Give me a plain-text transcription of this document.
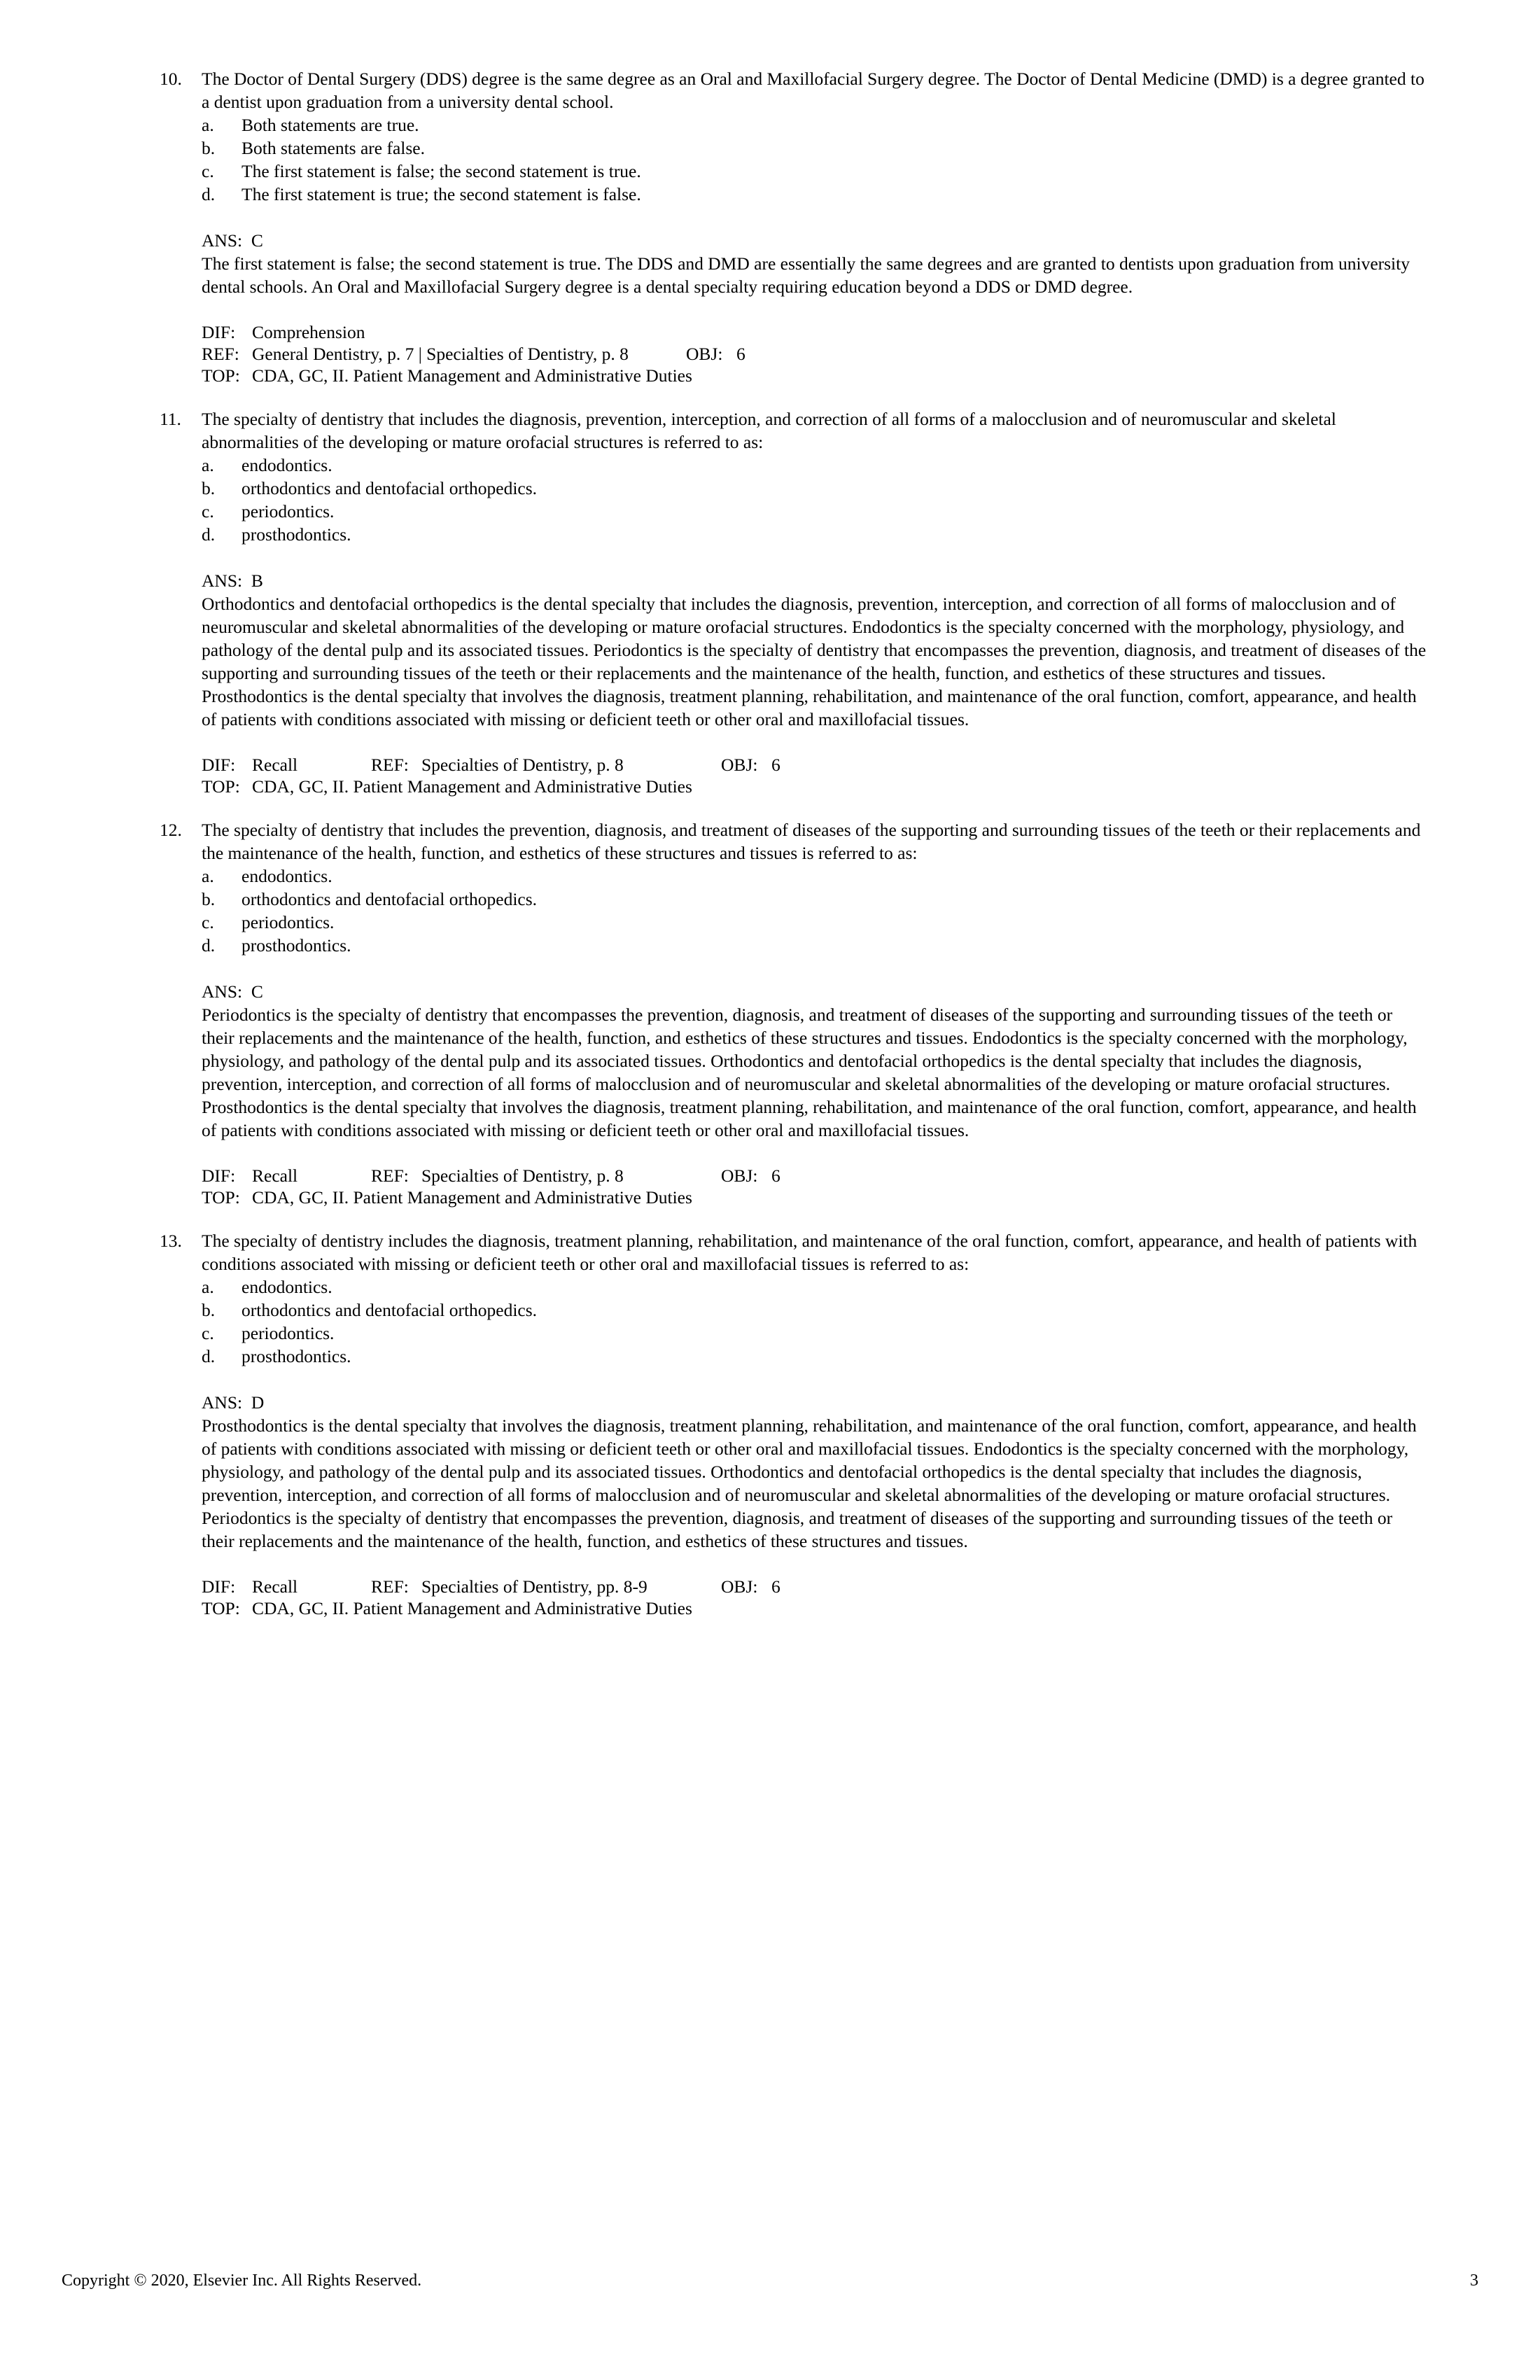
10.	The Doctor of Dental Surgery (DDS) degree is the same degree as an Oral and Maxillofacial Surgery degree. The Doctor of Dental Medicine (DMD) is a degree granted to a dentist upon graduation from a university dental school.
a.	Both statements are true.
b.	Both statements are false.
c.	The first statement is false; the second statement is true.
d.	The first statement is true; the second statement is false.
ANS:  C
The first statement is false; the second statement is true. The DDS and DMD are essentially the same degrees and are granted to dentists upon graduation from university dental schools. An Oral and Maxillofacial Surgery degree is a dental specialty requiring education beyond a DDS or DMD degree.
DIF: Comprehension
REF: General Dentistry, p. 7 | Specialties of Dentistry, p. 8	OBJ: 6
TOP: CDA, GC, II. Patient Management and Administrative Duties
11.	The specialty of dentistry that includes the diagnosis, prevention, interception, and correction of all forms of a malocclusion and of neuromuscular and skeletal abnormalities of the developing or mature orofacial structures is referred to as:
a.	endodontics.
b.	orthodontics and dentofacial orthopedics.
c.	periodontics.
d.	prosthodontics.
ANS:  B
Orthodontics and dentofacial orthopedics is the dental specialty that includes the diagnosis, prevention, interception, and correction of all forms of malocclusion and of neuromuscular and skeletal abnormalities of the developing or mature orofacial structures. Endodontics is the specialty concerned with the morphology, physiology, and pathology of the dental pulp and its associated tissues. Periodontics is the specialty of dentistry that encompasses the prevention, diagnosis, and treatment of diseases of the supporting and surrounding tissues of the teeth or their replacements and the maintenance of the health, function, and esthetics of these structures and tissues. Prosthodontics is the dental specialty that involves the diagnosis, treatment planning, rehabilitation, and maintenance of the oral function, comfort, appearance, and health of patients with conditions associated with missing or deficient teeth or other oral and maxillofacial tissues.
DIF: Recall	REF: Specialties of Dentistry, p. 8	OBJ: 6
TOP: CDA, GC, II. Patient Management and Administrative Duties
12.	The specialty of dentistry that includes the prevention, diagnosis, and treatment of diseases of the supporting and surrounding tissues of the teeth or their replacements and the maintenance of the health, function, and esthetics of these structures and tissues is referred to as:
a.	endodontics.
b.	orthodontics and dentofacial orthopedics.
c.	periodontics.
d.	prosthodontics.
ANS:  C
Periodontics is the specialty of dentistry that encompasses the prevention, diagnosis, and treatment of diseases of the supporting and surrounding tissues of the teeth or their replacements and the maintenance of the health, function, and esthetics of these structures and tissues. Endodontics is the specialty concerned with the morphology, physiology, and pathology of the dental pulp and its associated tissues. Orthodontics and dentofacial orthopedics is the dental specialty that includes the diagnosis, prevention, interception, and correction of all forms of malocclusion and of neuromuscular and skeletal abnormalities of the developing or mature orofacial structures. Prosthodontics is the dental specialty that involves the diagnosis, treatment planning, rehabilitation, and maintenance of the oral function, comfort, appearance, and health of patients with conditions associated with missing or deficient teeth or other oral and maxillofacial tissues.
DIF: Recall	REF: Specialties of Dentistry, p. 8	OBJ: 6
TOP: CDA, GC, II. Patient Management and Administrative Duties
13.	The specialty of dentistry includes the diagnosis, treatment planning, rehabilitation, and maintenance of the oral function, comfort, appearance, and health of patients with conditions associated with missing or deficient teeth or other oral and maxillofacial tissues is referred to as:
a.	endodontics.
b.	orthodontics and dentofacial orthopedics.
c.	periodontics.
d.	prosthodontics.
ANS:  D
Prosthodontics is the dental specialty that involves the diagnosis, treatment planning, rehabilitation, and maintenance of the oral function, comfort, appearance, and health of patients with conditions associated with missing or deficient teeth or other oral and maxillofacial tissues. Endodontics is the specialty concerned with the morphology, physiology, and pathology of the dental pulp and its associated tissues. Orthodontics and dentofacial orthopedics is the dental specialty that includes the diagnosis, prevention, interception, and correction of all forms of malocclusion and of neuromuscular and skeletal abnormalities of the developing or mature orofacial structures. Periodontics is the specialty of dentistry that encompasses the prevention, diagnosis, and treatment of diseases of the supporting and surrounding tissues of the teeth or their replacements and the maintenance of the health, function, and esthetics of these structures and tissues.
DIF: Recall	REF: Specialties of Dentistry, pp. 8-9	OBJ: 6
TOP: CDA, GC, II. Patient Management and Administrative Duties
Copyright © 2020, Elsevier Inc. All Rights Reserved.	3
